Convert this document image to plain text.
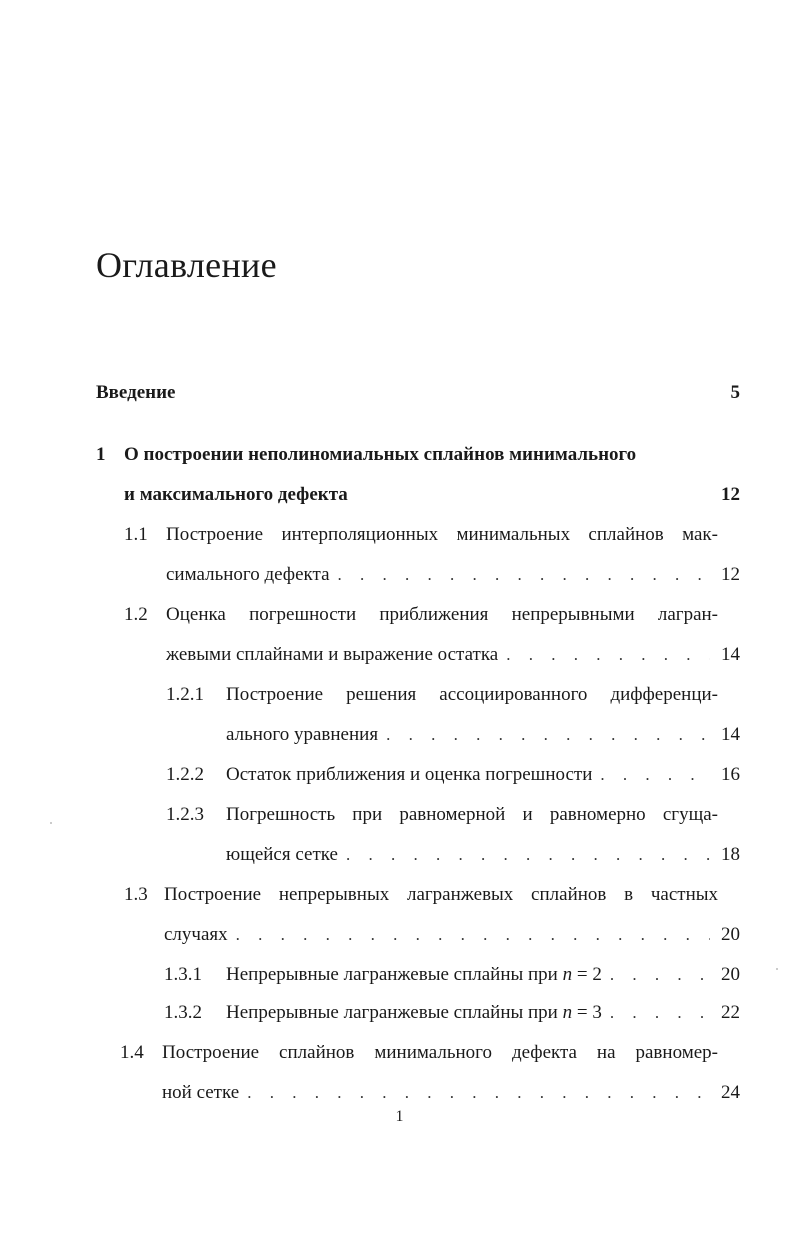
Оглавление
Введение	5
1 О построении неполиномиальных сплайнов минимального
и максимального дефекта	12
1.1 Построение интерполяционных минимальных сплайнов мак-
симального дефекта . . .	12
1.2 Оценка погрешности приближения непрерывными лагран-
жевыми сплайнами и выражение остатка . . .	14
1.2.1	Построение решения ассоциированного дифференци-
ального уравнения . . .	14
1.2.2	Остаток приближения и оценка погрешности . . .	16
1.2.3	Погрешность при равномерной и равномерно сгуща-
ющейся сетке . . .	18
1.3 Построение непрерывных лагранжевых сплайнов в частных
случаях . . .	20
1.3.1	Непрерывные лагранжевые сплайны при n = 2 . . .	20
1.3.2	Непрерывные лагранжевые сплайны при n = 3 . . .	22
1.4 Построение сплайнов минимального дефекта на равномер-
ной сетке . . .	24
1
